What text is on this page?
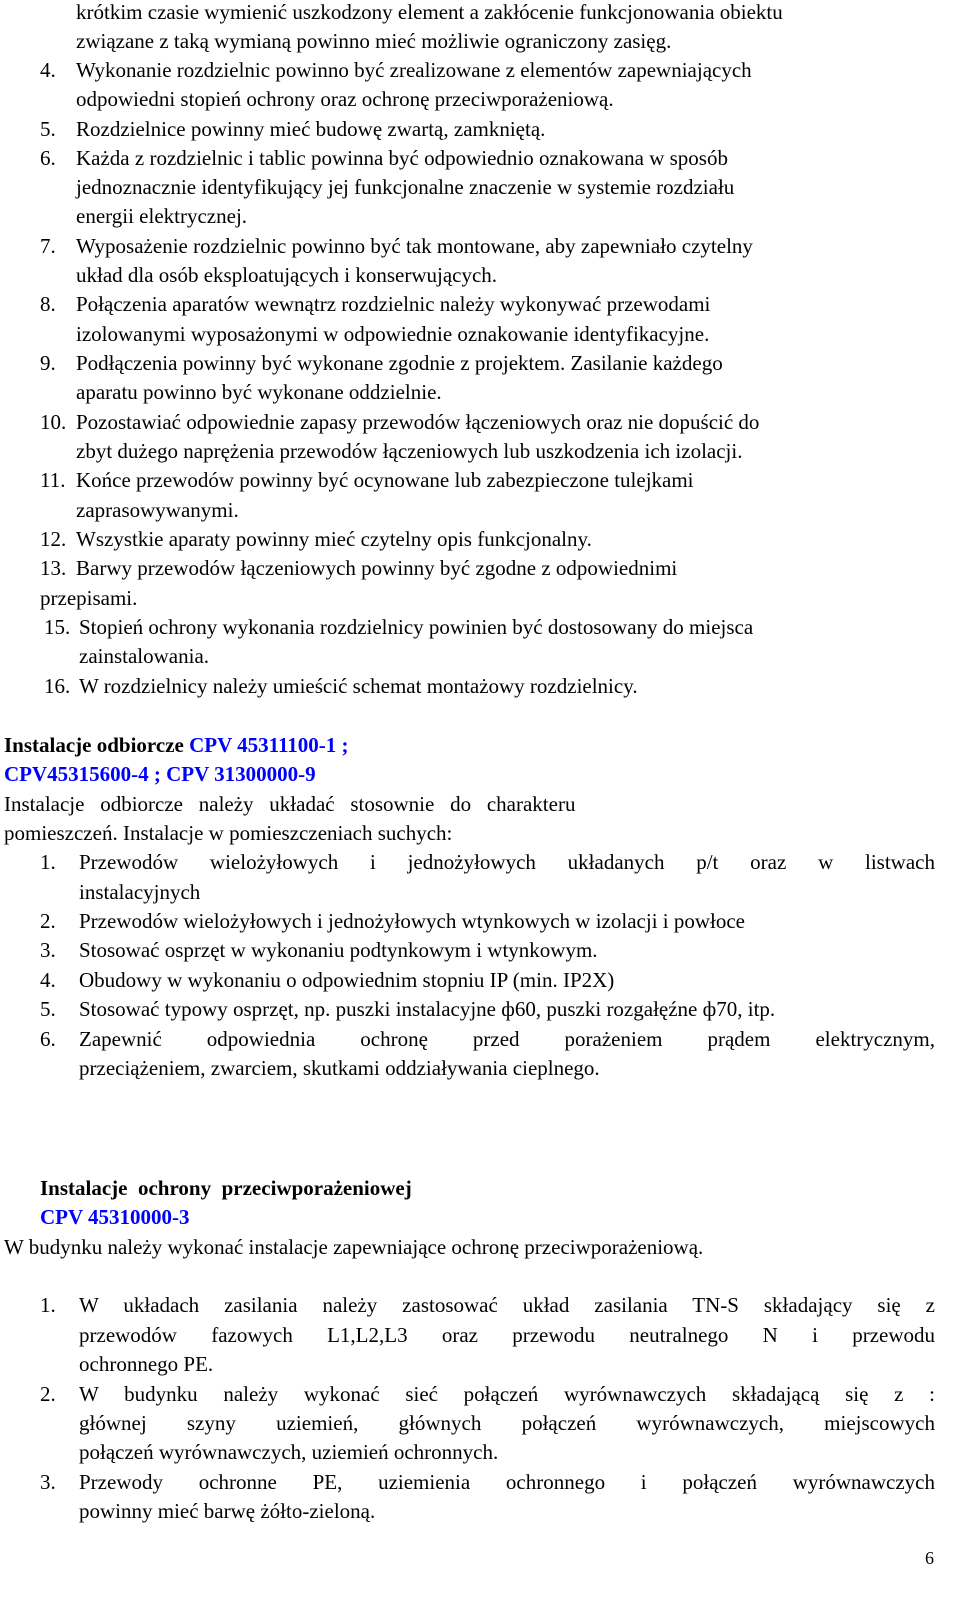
krótkim czasie wymienić uszkodzony element a zakłócenie funkcjonowania obiektu
związane z taką wymianą powinno mieć możliwie ograniczony zasięg.
4. Wykonanie rozdzielnic powinno być zrealizowane z elementów zapewniających
odpowiedni stopień ochrony oraz ochronę przeciwporażeniową.
5. Rozdzielnice powinny mieć budowę zwartą, zamkniętą.
6. Każda z rozdzielnic i tablic powinna być odpowiednio oznakowana w sposób
jednoznacznie identyfikujący jej funkcjonalne znaczenie w systemie rozdziału
energii elektrycznej.
7. Wyposażenie rozdzielnic powinno być tak montowane, aby zapewniało czytelny
układ dla osób eksploatujących i konserwujących.
8. Połączenia aparatów wewnątrz rozdzielnic należy wykonywać przewodami
izolowanymi wyposażonymi w odpowiednie oznakowanie identyfikacyjne.
9. Podłączenia powinny być wykonane zgodnie z projektem. Zasilanie każdego
aparatu powinno być wykonane oddzielnie.
10. Pozostawiać odpowiednie zapasy przewodów łączeniowych oraz nie dopuścić do
zbyt dużego naprężenia przewodów łączeniowych lub uszkodzenia ich izolacji.
11. Końce przewodów powinny być ocynowane lub zabezpieczone tulejkami
zaprasowywanymi.
12. Wszystkie aparaty powinny mieć czytelny opis funkcjonalny.
13. Barwy przewodów łączeniowych powinny być zgodne z odpowiednimi
przepisami.
15. Stopień ochrony wykonania rozdzielnicy powinien być dostosowany do miejsca
zainstalowania.
16. W rozdzielnicy należy umieścić schemat montażowy rozdzielnicy.
Instalacje odbiorcze CPV 45311100-1 ;
CPV45315600-4 ; CPV 31300000-9
Instalacje   odbiorcze   należy   układać   stosownie   do   charakteru
pomieszczeń. Instalacje w pomieszczeniach suchych:
1. Przewodów wielożyłowych i jednożyłowych układanych p/t oraz w listwach
instalacyjnych
2. Przewodów wielożyłowych i jednożyłowych wtynkowych w izolacji i powłoce
3. Stosować osprzęt w wykonaniu podtynkowym i wtynkowym.
4. Obudowy w wykonaniu o odpowiednim stopniu IP (min. IP2X)
5. Stosować typowy osprzęt, np. puszki instalacyjne ф60, puszki rozgałęźne ф70, itp.
6. Zapewnić odpowiednia ochronę przed porażeniem prądem elektrycznym,
przeciążeniem, zwarciem, skutkami oddziaływania cieplnego.
Instalacje  ochrony  przeciwporażeniowej
CPV 45310000-3
W budynku należy wykonać instalacje zapewniające ochronę przeciwporażeniową.
1. W układach zasilania należy zastosować układ zasilania TN-S składający się z
przewodów fazowych L1,L2,L3 oraz przewodu neutralnego N i przewodu
ochronnego PE.
2. W budynku należy wykonać sieć połączeń wyrównawczych składającą się z :
głównej szyny uziemień, głównych połączeń wyrównawczych, miejscowych
połączeń wyrównawczych, uziemień ochronnych.
3. Przewody ochronne PE, uziemienia ochronnego i połączeń wyrównawczych
powinny mieć barwę żółto-zieloną.
6
